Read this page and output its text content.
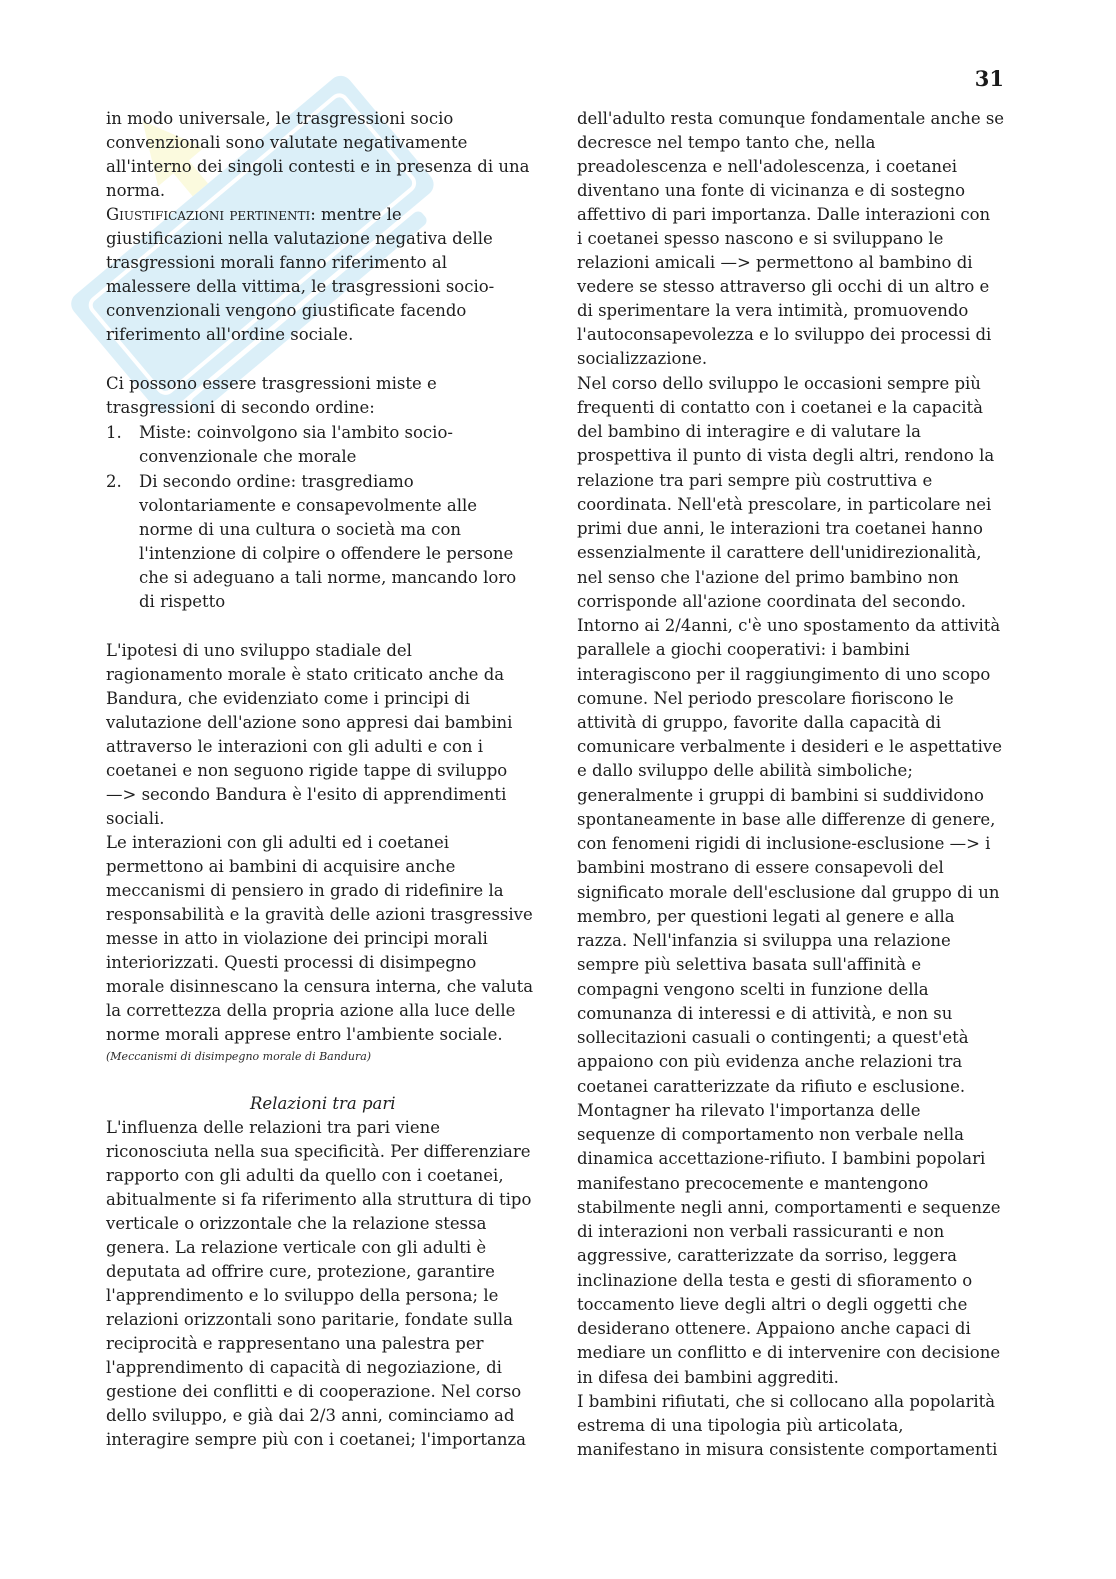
31
in modo universale, le trasgressioni socio
convenzionali sono valutate negativamente
all'interno dei singoli contesti e in presenza di una
norma.
Giustificazioni pertinenti: mentre le
giustificazioni nella valutazione negativa delle
trasgressioni morali fanno riferimento al
malessere della vittima, le trasgressioni socio-
convenzionali vengono giustificate facendo
riferimento all'ordine sociale.
Ci possono essere trasgressioni miste e
trasgressioni di secondo ordine:
1. Miste: coinvolgono sia l'ambito socio-
convenzionale che morale
2. Di secondo ordine: trasgrediamo
volontariamente e consapevolmente alle
norme di una cultura o società ma con
l'intenzione di colpire o offendere le persone
che si adeguano a tali norme, mancando loro
di rispetto
L'ipotesi di uno sviluppo stadiale del
ragionamento morale è stato criticato anche da
Bandura, che evidenziato come i principi di
valutazione dell'azione sono appresi dai bambini
attraverso le interazioni con gli adulti e con i
coetanei e non seguono rigide tappe di sviluppo
—> secondo Bandura è l'esito di apprendimenti
sociali.
Le interazioni con gli adulti ed i coetanei
permettono ai bambini di acquisire anche
meccanismi di pensiero in grado di ridefinire la
responsabilità e la gravità delle azioni trasgressive
messe in atto in violazione dei principi morali
interiorizzati. Questi processi di disimpegno
morale disinnescano la censura interna, che valuta
la correttezza della propria azione alla luce delle
norme morali apprese entro l'ambiente sociale.
(Meccanismi di disimpegno morale di Bandura)
Relazioni tra pari
L'influenza delle relazioni tra pari viene
riconosciuta nella sua specificità. Per differenziare
rapporto con gli adulti da quello con i coetanei,
abitualmente si fa riferimento alla struttura di tipo
verticale o orizzontale che la relazione stessa
genera. La relazione verticale con gli adulti è
deputata ad offrire cure, protezione, garantire
l'apprendimento e lo sviluppo della persona; le
relazioni orizzontali sono paritarie, fondate sulla
reciprocità e rappresentano una palestra per
l'apprendimento di capacità di negoziazione, di
gestione dei conflitti e di cooperazione. Nel corso
dello sviluppo, e già dai 2/3 anni, cominciamo ad
interagire sempre più con i coetanei; l'importanza
dell'adulto resta comunque fondamentale anche se
decresce nel tempo tanto che, nella
preadolescenza e nell'adolescenza, i coetanei
diventano una fonte di vicinanza e di sostegno
affettivo di pari importanza. Dalle interazioni con
i coetanei spesso nascono e si sviluppano le
relazioni amicali —> permettono al bambino di
vedere se stesso attraverso gli occhi di un altro e
di sperimentare la vera intimità, promuovendo
l'autoconsapevolezza e lo sviluppo dei processi di
socializzazione.
Nel corso dello sviluppo le occasioni sempre più
frequenti di contatto con i coetanei e la capacità
del bambino di interagire e di valutare la
prospettiva il punto di vista degli altri, rendono la
relazione tra pari sempre più costruttiva e
coordinata. Nell'età prescolare, in particolare nei
primi due anni, le interazioni tra coetanei hanno
essenzialmente il carattere dell'unidirezionalità,
nel senso che l'azione del primo bambino non
corrisponde all'azione coordinata del secondo.
Intorno ai 2/4anni, c'è uno spostamento da attività
parallele a giochi cooperativi: i bambini
interagiscono per il raggiungimento di uno scopo
comune. Nel periodo prescolare fioriscono le
attività di gruppo, favorite dalla capacità di
comunicare verbalmente i desideri e le aspettative
e dallo sviluppo delle abilità simboliche;
generalmente i gruppi di bambini si suddividono
spontaneamente in base alle differenze di genere,
con fenomeni rigidi di inclusione-esclusione —> i
bambini mostrano di essere consapevoli del
significato morale dell'esclusione dal gruppo di un
membro, per questioni legati al genere e alla
razza. Nell'infanzia si sviluppa una relazione
sempre più selettiva basata sull'affinità e
compagni vengono scelti in funzione della
comunanza di interessi e di attività, e non su
sollecitazioni casuali o contingenti; a quest'età
appaiono con più evidenza anche relazioni tra
coetanei caratterizzate da rifiuto e esclusione.
Montagner ha rilevato l'importanza delle
sequenze di comportamento non verbale nella
dinamica accettazione-rifiuto. I bambini popolari
manifestano precocemente e mantengono
stabilmente negli anni, comportamenti e sequenze
di interazioni non verbali rassicuranti e non
aggressive, caratterizzate da sorriso, leggera
inclinazione della testa e gesti di sfioramento o
toccamento lieve degli altri o degli oggetti che
desiderano ottenere. Appaiono anche capaci di
mediare un conflitto e di intervenire con decisione
in difesa dei bambini aggrediti.
I bambini rifiutati, che si collocano alla popolarità
estrema di una tipologia più articolata,
manifestano in misura consistente comportamenti
